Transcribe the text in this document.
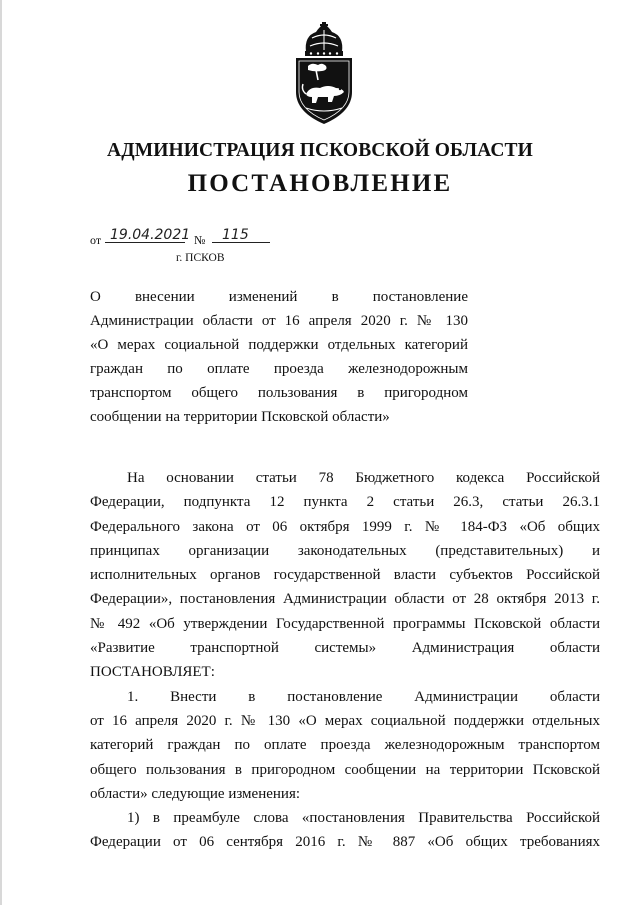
АДМИНИСТРАЦИЯ ПСКОВСКОЙ ОБЛАСТИ
ПОСТАНОВЛЕНИЕ
от 19.04.2021 № 115
г. ПСКОВ
О внесении изменений в постановление
Администрации области от 16 апреля 2020 г. № 130
«О мерах социальной поддержки отдельных категорий
граждан по оплате проезда железнодорожным
транспортом общего пользования в пригородном
сообщении на территории Псковской области»
На основании статьи 78 Бюджетного кодекса Российской
Федерации, подпункта 12 пункта 2 статьи 26.3, статьи 26.3.1
Федерального закона от 06 октября 1999 г. № 184-ФЗ «Об общих
принципах организации законодательных (представительных) и
исполнительных органов государственной власти субъектов Российской
Федерации», постановления Администрации области от 28 октября 2013 г.
№ 492 «Об утверждении Государственной программы Псковской области
«Развитие транспортной системы» Администрация области
ПОСТАНОВЛЯЕТ:
1. Внести в постановление Администрации области
от 16 апреля 2020 г. № 130 «О мерах социальной поддержки отдельных
категорий граждан по оплате проезда железнодорожным транспортом
общего пользования в пригородном сообщении на территории Псковской
области» следующие изменения:
1) в преамбуле слова «постановления Правительства Российской
Федерации от 06 сентября 2016 г. № 887 «Об общих требованиях
